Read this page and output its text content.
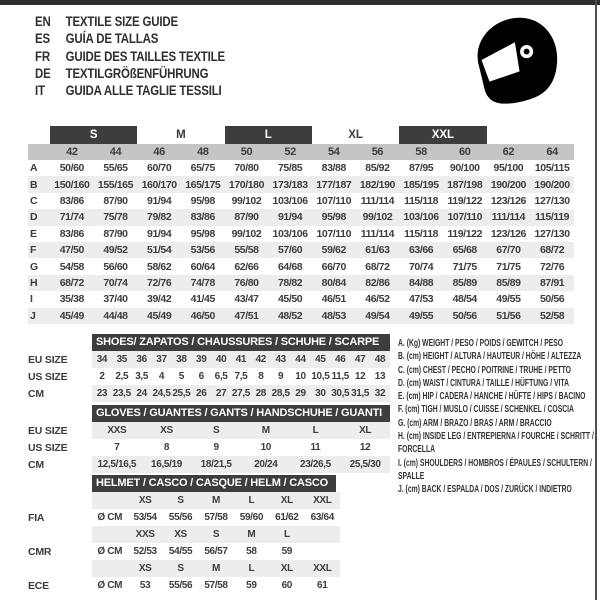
EN	TEXTILE SIZE GUIDE
ES	GUÍA DE TALLAS
FR	GUIDE DES TAILLES TEXTILE
DE	TEXTILGRÖßENFÜHRUNG
IT	GUIDA ALLE TAGLIE TESSILI
	S		M		L		XL		XXL			
	42	44	46	48	50	52	54	56	58	60	62	64
A	50/60	55/65	60/70	65/75	70/80	75/85	83/88	85/92	87/95	90/100	95/100	105/115
B	150/160	155/165	160/170	165/175	170/180	173/183	177/187	182/190	185/195	187/198	190/200	190/200
C	83/86	87/90	91/94	95/98	99/102	103/106	107/110	111/114	115/118	119/122	123/126	127/130
D	71/74	75/78	79/82	83/86	87/90	91/94	95/98	99/102	103/106	107/110	111/114	115/119
E	83/86	87/90	91/94	95/98	99/102	103/106	107/110	111/114	115/118	119/122	123/126	127/130
F	47/50	49/52	51/54	53/56	55/58	57/60	59/62	61/63	63/66	65/68	67/70	68/72
G	54/58	56/60	58/62	60/64	62/66	64/68	66/70	68/72	70/74	71/75	71/75	72/76
H	68/72	70/74	72/76	74/78	76/80	78/82	80/84	82/86	84/88	85/89	85/89	87/91
I	35/38	37/40	39/42	41/45	43/47	45/50	46/51	46/52	47/53	48/54	49/55	50/56
J	45/49	44/48	45/49	46/50	47/51	48/52	48/53	49/54	49/55	50/56	51/56	52/58
SHOES/ ZAPATOS / CHAUSSURES / SCHUHE / SCARPE
EU SIZE	34	35	36	37	38	39	40	41	42	43	44	45	46	47	48
US SIZE	2	2,5	3,5	4	5	6	6,5	7,5	8	9	10	10,5	11,5	12	13
CM	23	23,5	24	24,5	25,5	26	27	27,5	28	28,5	29	30	30,5	31,5	32
GLOVES / GUANTES / GANTS / HANDSCHUHE / GUANTI
EU SIZE	XXS	XS	S	M	L	XL
US SIZE	7	8	9	10	11	12
CM	12,5/16,5	16,5/19	18/21,5	20/24	23/26,5	25,5/30
HELMET / CASCO / CASQUE / HELM / CASCO
		XS	S	M	L	XL	XXL
FIA	Ø CM	53/54	55/56	57/58	59/60	61/62	63/64
		XXS	XS	S	M	L	
CMR	Ø CM	52/53	54/55	56/57	58	59	
		XS	S	M	L	XL	XXL
ECE	Ø CM	53	55/56	57/58	59	60	61
A. (Kg) WEIGHT / PESO / POIDS / GEWITCH / PESO
B. (cm) HEIGHT / ALTURA / HAUTEUR / HÖHE / ALTEZZA
C. (cm) CHEST / PECHO / POITRINE / TRUHE / PETTO
D. (cm) WAIST / CINTURA / TAILLE / HÜFTUNG / VITA
E. (cm) HIP / CADERA / HANCHE / HÜFTE / HIPS / BACINO
F. (cm) TIGH / MUSLO / CUISSE / SCHENKEL / COSCIA
G. (cm) ARM / BRAZO / BRAS / ARM / BRACCIO
H. (cm) INSIDE LEG / ENTREPIERNA / FOURCHE / SCHRITT / FORCELLA
I. (cm) SHOULDERS / HOMBROS / ÉPAULES / SCHULTERN / SPALLE
J. (cm) BACK / ESPALDA / DOS / ZURÜCK / INDIETRO
